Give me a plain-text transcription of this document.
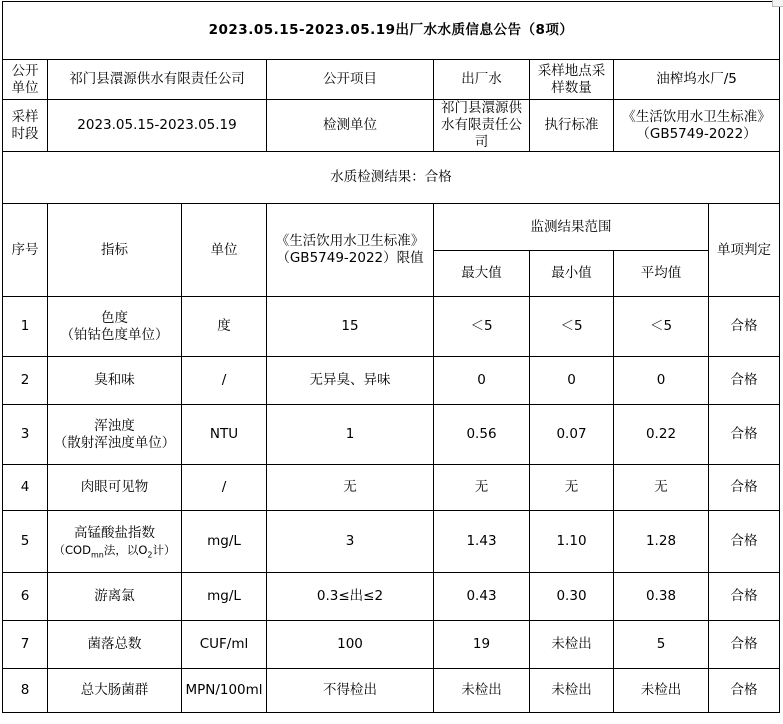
2023.05.15-2023.05.19出厂水水质信息公告（8项）							

公开单位	祁门县澴源供水有限责任公司		公开项目	出厂水	采样地点采样数量	油榨坞水厂/5	
采样时段	2023.05.15-2023.05.19		检测单位	祁门县澴源供水有限责任公司	执行标准	《生活饮用水卫生标准》
（GB5749-2022）	

水质检测结果：合格							
序号	指标	单位	《生活饮用水卫生标准》
（GB5749-2022）限值	监测结果范围			单项判定
				最大值	最小值	平均值	
1	色度
（铂钴色度单位）	度	15	＜5	＜5	＜5	合格
2	臭和味	/	无异臭、异味	0	0	0	合格
3	浑浊度
（散射浑浊度单位）	NTU	1	0.56	0.07	0.22	合格
4	肉眼可见物	/	无	无	无	无	合格
5	高锰酸盐指数
（$COD_{mn}$法，以$O_2$计）	mg/L	3	1.43	1.10	1.28	合格
6	游离氯	mg/L	0.3≤出≤2	0.43	0.30	0.38	合格
7	菌落总数	CUF/ml	100	19	未检出	5	合格
8	总大肠菌群	MPN/100ml	不得检出	未检出	未检出	未检出	合格
